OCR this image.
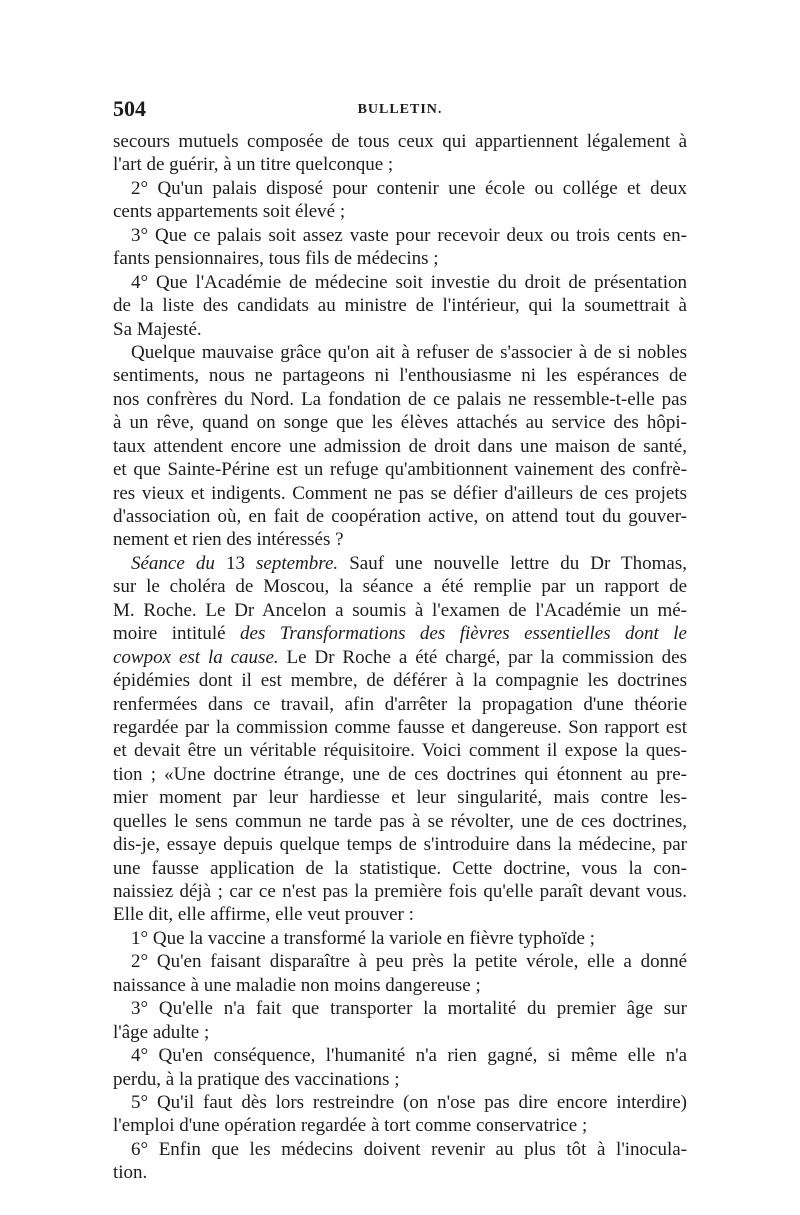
504	BULLETIN.
secours mutuels composée de tous ceux qui appartiennent légalement à
l'art de guérir, à un titre quelconque ;
2° Qu'un palais disposé pour contenir une école ou collége et deux
cents appartements soit élevé ;
3° Que ce palais soit assez vaste pour recevoir deux ou trois cents en-
fants pensionnaires, tous fils de médecins ;
4° Que l'Académie de médecine soit investie du droit de présentation
de la liste des candidats au ministre de l'intérieur, qui la soumettrait à
Sa Majesté.
Quelque mauvaise grâce qu'on ait à refuser de s'associer à de si nobles
sentiments, nous ne partageons ni l'enthousiasme ni les espérances de
nos confrères du Nord. La fondation de ce palais ne ressemble-t-elle pas
à un rêve, quand on songe que les élèves attachés au service des hôpi-
taux attendent encore une admission de droit dans une maison de santé,
et que Sainte-Périne est un refuge qu'ambitionnent vainement des confrè-
res vieux et indigents. Comment ne pas se défier d'ailleurs de ces projets
d'association où, en fait de coopération active, on attend tout du gouver-
nement et rien des intéressés ?
Séance du 13 septembre. Sauf une nouvelle lettre du Dr Thomas,
sur le choléra de Moscou, la séance a été remplie par un rapport de
M. Roche. Le Dr Ancelon a soumis à l'examen de l'Académie un mé-
moire intitulé des Transformations des fièvres essentielles dont le
cowpox est la cause. Le Dr Roche a été chargé, par la commission des
épidémies dont il est membre, de déférer à la compagnie les doctrines
renfermées dans ce travail, afin d'arrêter la propagation d'une théorie
regardée par la commission comme fausse et dangereuse. Son rapport est
et devait être un véritable réquisitoire. Voici comment il expose la ques-
tion ; «Une doctrine étrange, une de ces doctrines qui étonnent au pre-
mier moment par leur hardiesse et leur singularité, mais contre les-
quelles le sens commun ne tarde pas à se révolter, une de ces doctrines,
dis-je, essaye depuis quelque temps de s'introduire dans la médecine, par
une fausse application de la statistique. Cette doctrine, vous la con-
naissiez déjà ; car ce n'est pas la première fois qu'elle paraît devant vous.
Elle dit, elle affirme, elle veut prouver :
1° Que la vaccine a transformé la variole en fièvre typhoïde ;
2° Qu'en faisant disparaître à peu près la petite vérole, elle a donné
naissance à une maladie non moins dangereuse ;
3° Qu'elle n'a fait que transporter la mortalité du premier âge sur
l'âge adulte ;
4° Qu'en conséquence, l'humanité n'a rien gagné, si même elle n'a
perdu, à la pratique des vaccinations ;
5° Qu'il faut dès lors restreindre (on n'ose pas dire encore interdire)
l'emploi d'une opération regardée à tort comme conservatrice ;
6° Enfin que les médecins doivent revenir au plus tôt à l'inocula-
tion.
